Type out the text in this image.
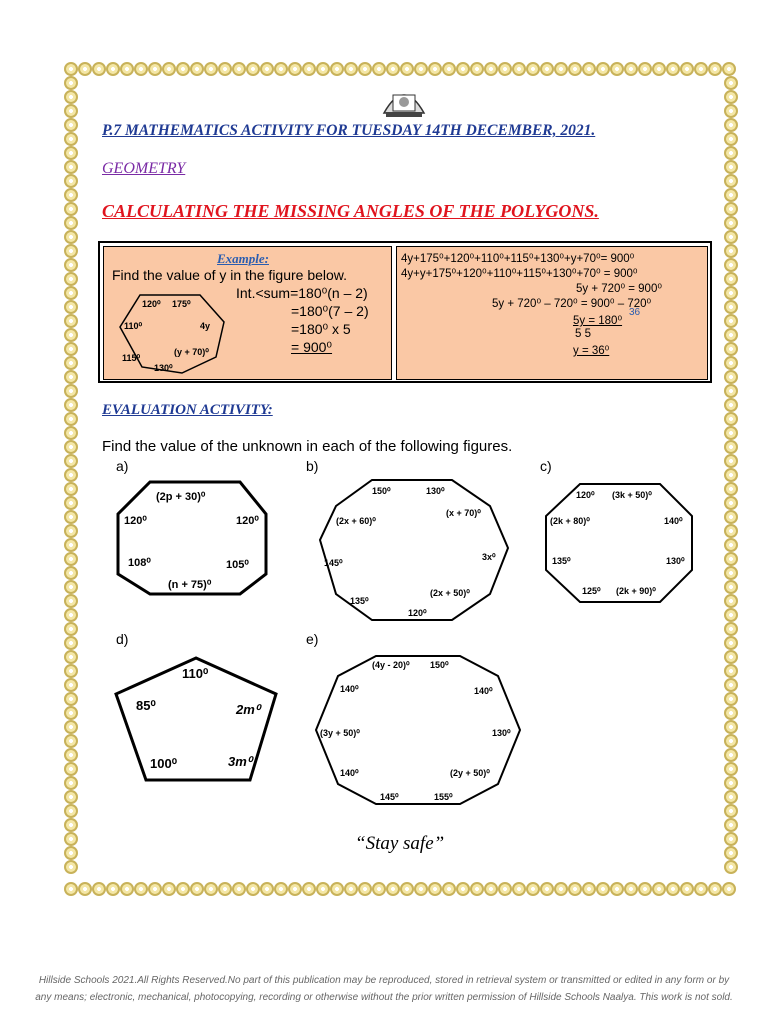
P.7 MATHEMATICS ACTIVITY FOR TUESDAY 14TH DECEMBER, 2021.
GEOMETRY
CALCULATING THE MISSING ANGLES OF THE POLYGONS.
Example:
Find the value of y in the figure below.
Int.<sum=180⁰(n – 2)
=180⁰(7 – 2)
=180⁰ x 5
= 900⁰
120⁰ 175⁰
110⁰	4y
115⁰
(y + 70)⁰
130⁰
4y+175⁰+120⁰+110⁰+115⁰+130⁰+y+70⁰= 900⁰
4y+y+175⁰+120⁰+110⁰+115⁰+130⁰+70⁰ = 900⁰
5y + 720⁰ = 900⁰
5y + 720⁰ – 720⁰ = 900⁰ – 720⁰
5y = 180⁰
36
5 5
y = 36⁰
EVALUATION ACTIVITY:
Find the value of the unknown in each of the following figures.
a)	b)	c)
d)	e)
(2p + 30)⁰
120⁰	120⁰
108⁰	105⁰
(n + 75)⁰
150⁰	130⁰
(2x + 60)⁰
(x + 70)⁰
145⁰
3x⁰
135⁰
(2x + 50)⁰
120⁰
120⁰ (3k + 50)⁰
(2k + 80)⁰	140⁰
135⁰	130⁰
125⁰ (2k + 90)⁰
110⁰
85⁰	2m⁰
100⁰	3m⁰
(4y - 20)⁰ 150⁰
140⁰	140⁰
(3y + 50)⁰	130⁰
140⁰	(2y + 50)⁰
145⁰	155⁰
“Stay safe”
Hillside Schools 2021.All Rights Reserved.No part of this publication may be reproduced, stored in retrieval system or transmitted or edited in any form or by any means; electronic, mechanical, photocopying, recording or otherwise without the prior written permission of Hillside Schools Naalya. This work is not sold.
